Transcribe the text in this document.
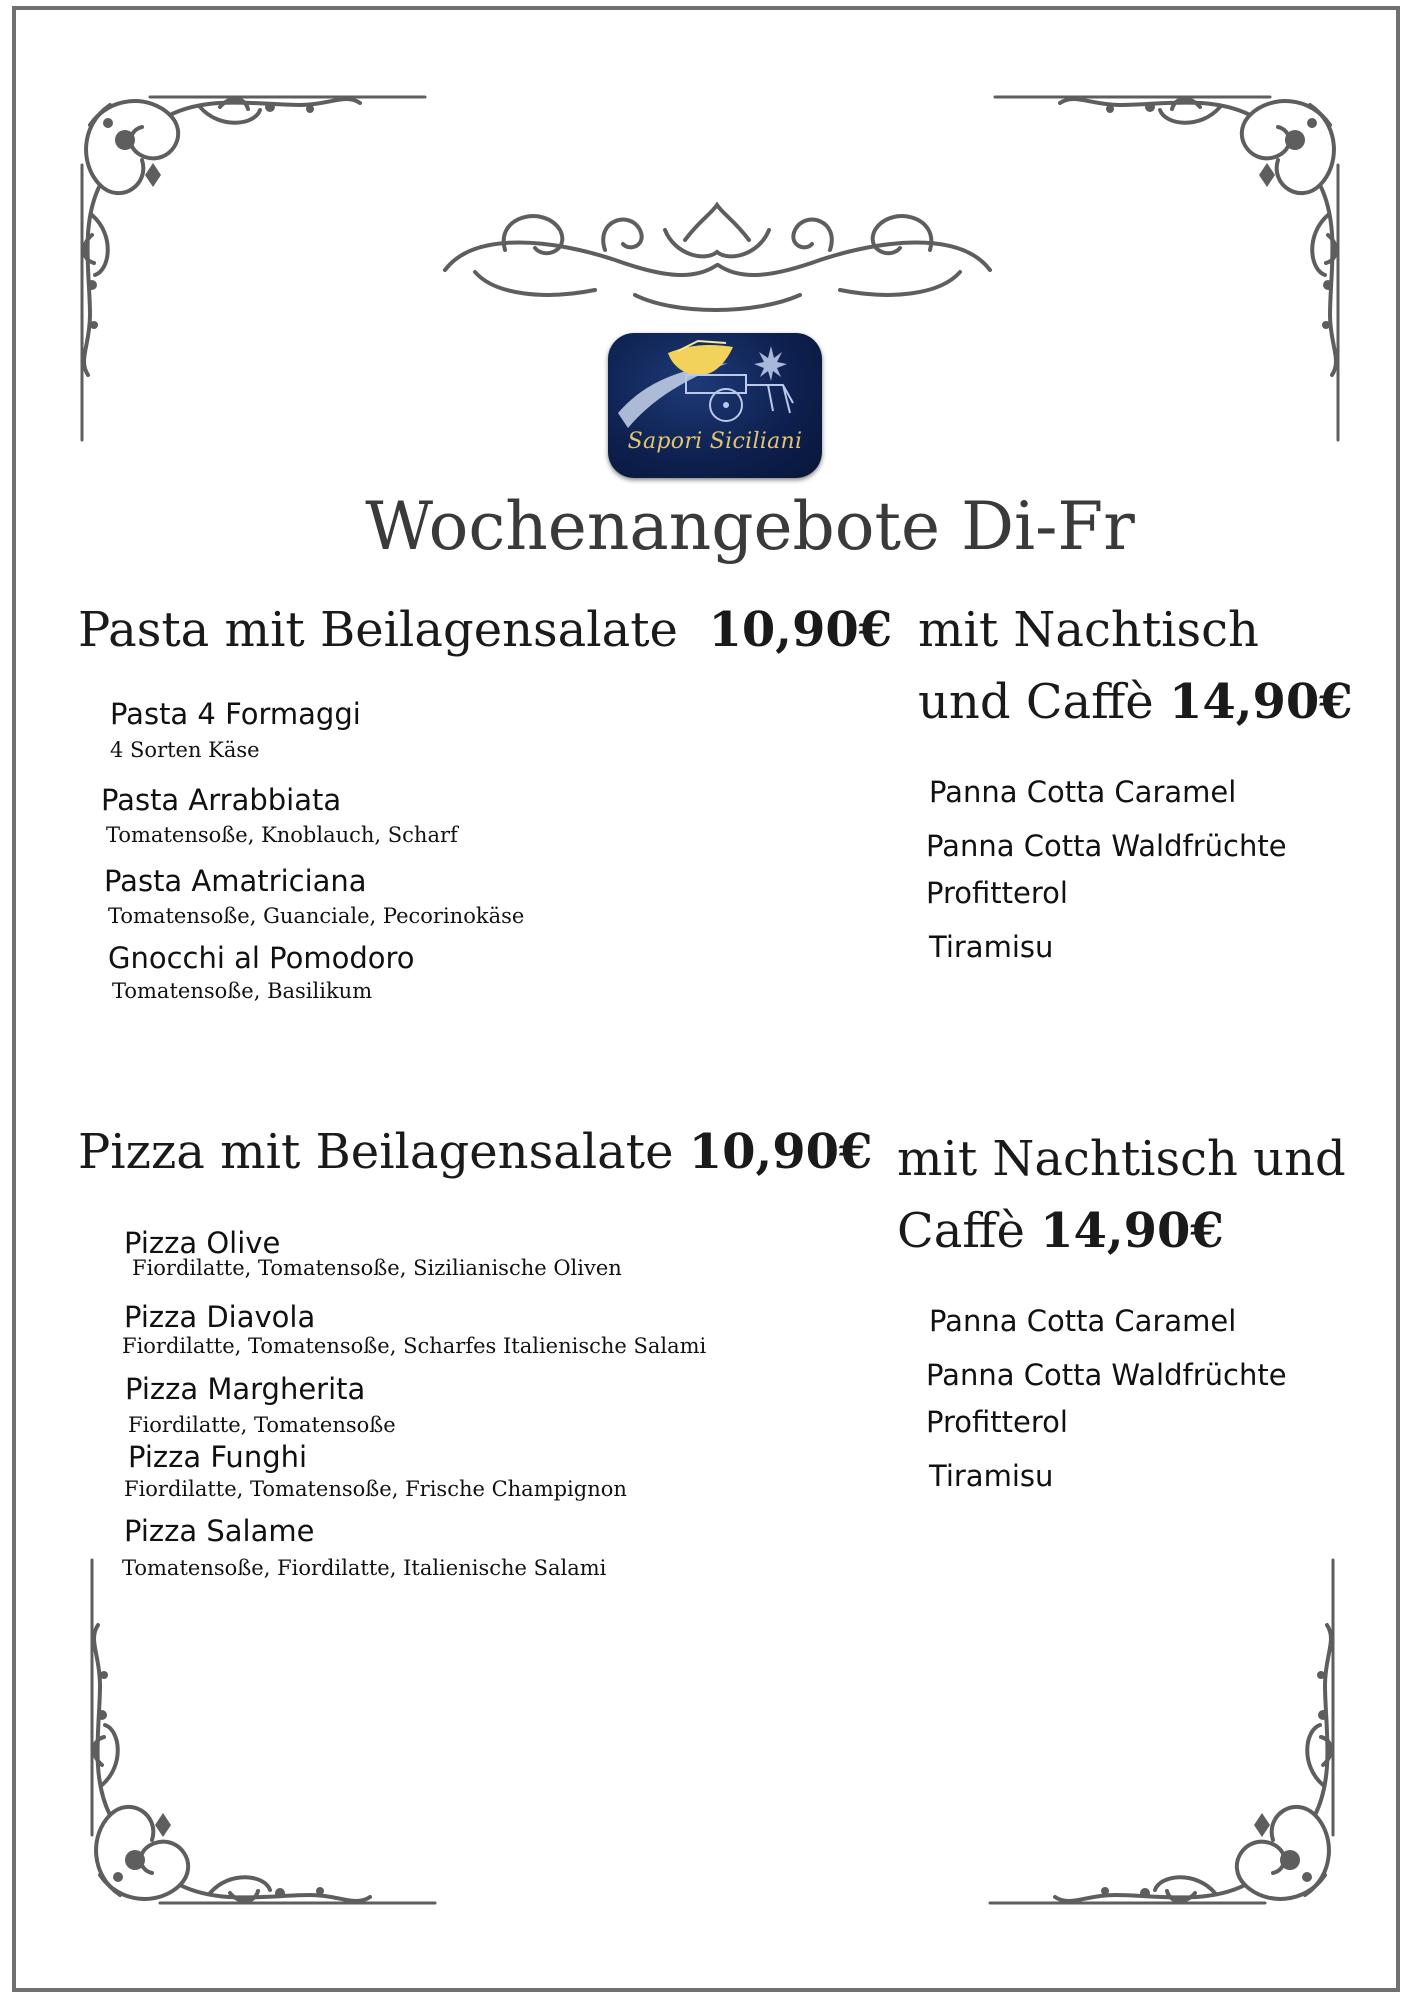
Sapori Siciliani
Wochenangebote Di-Fr
Pasta mit Beilagensalate 10,90€
Pasta 4 Formaggi
4 Sorten Käse
Pasta Arrabbiata
Tomatensoße, Knoblauch, Scharf
Pasta Amatriciana
Tomatensoße, Guanciale, Pecorinokäse
Gnocchi al Pomodoro
Tomatensoße, Basilikum
mit Nachtisch
und Caffè 14,90€
Panna Cotta Caramel
Panna Cotta Waldfrüchte
Profitterol
Tiramisu
Pizza mit Beilagensalate 10,90€
Pizza Olive
Fiordilatte, Tomatensoße, Sizilianische Oliven
Pizza Diavola
Fiordilatte, Tomatensoße, Scharfes Italienische Salami
Pizza Margherita
Fiordilatte, Tomatensoße
Pizza Funghi
Fiordilatte, Tomatensoße, Frische Champignon
Pizza Salame
Tomatensoße, Fiordilatte, Italienische Salami
mit Nachtisch und
Caffè 14,90€
Panna Cotta Caramel
Panna Cotta Waldfrüchte
Profitterol
Tiramisu
